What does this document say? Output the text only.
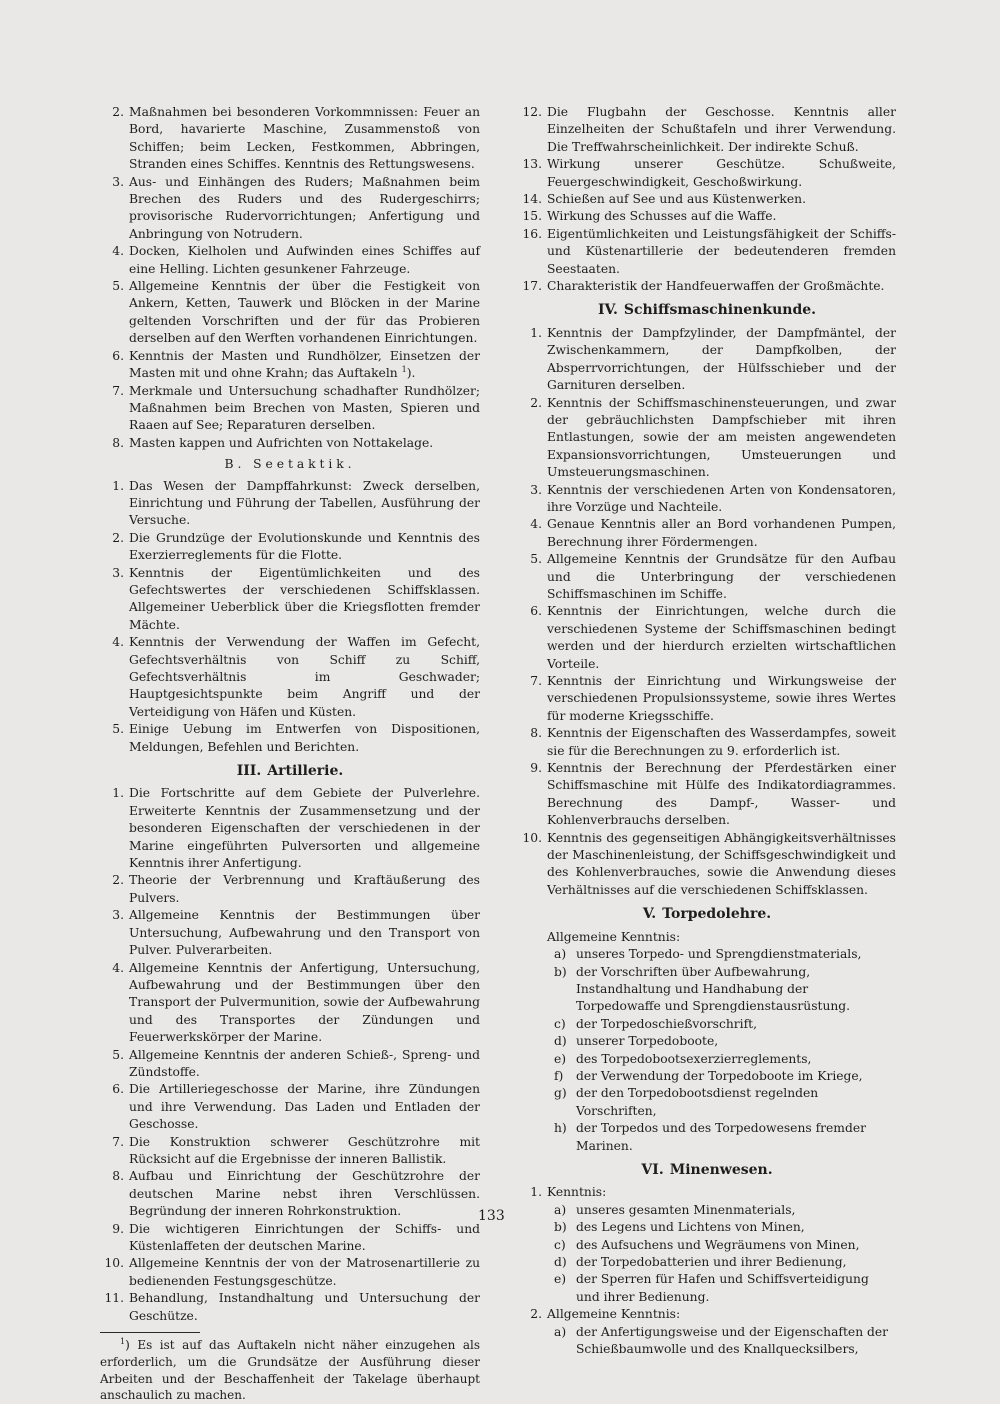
2. Maßnahmen bei besonderen Vorkommnissen: Feuer an Bord, havarierte Maschine, Zusammenstoß von Schiffen; beim Lecken, Festkommen, Abbringen, Stranden eines Schiffes. Kenntnis des Rettungswesens.
3. Aus- und Einhängen des Ruders; Maßnahmen beim Brechen des Ruders und des Rudergeschirrs; provisorische Rudervorrichtungen; Anfertigung und Anbringung von Notrudern.
4. Docken, Kielholen und Aufwinden eines Schiffes auf eine Helling. Lichten gesunkener Fahrzeuge.
5. Allgemeine Kenntnis der über die Festigkeit von Ankern, Ketten, Tauwerk und Blöcken in der Marine geltenden Vorschriften und der für das Probieren derselben auf den Werften vorhandenen Einrichtungen.
6. Kenntnis der Masten und Rundhölzer, Einsetzen der Masten mit und ohne Krahn; das Auftakeln $^1$).
7. Merkmale und Untersuchung schadhafter Rundhölzer; Maßnahmen beim Brechen von Masten, Spieren und Raaen auf See; Reparaturen derselben.
8. Masten kappen und Aufrichten von Nottakelage.
B. Seetaktik.
1. Das Wesen der Dampffahrkunst: Zweck derselben, Einrichtung und Führung der Tabellen, Ausführung der Versuche.
2. Die Grundzüge der Evolutionskunde und Kenntnis des Exerzierreglements für die Flotte.
3. Kenntnis der Eigentümlichkeiten und des Gefechtswertes der verschiedenen Schiffsklassen. Allgemeiner Ueberblick über die Kriegsflotten fremder Mächte.
4. Kenntnis der Verwendung der Waffen im Gefecht, Gefechtsverhältnis von Schiff zu Schiff, Gefechtsverhältnis im Geschwader; Hauptgesichtspunkte beim Angriff und der Verteidigung von Häfen und Küsten.
5. Einige Uebung im Entwerfen von Dispositionen, Meldungen, Befehlen und Berichten.
III. Artillerie.
1. Die Fortschritte auf dem Gebiete der Pulverlehre. Erweiterte Kenntnis der Zusammensetzung und der besonderen Eigenschaften der verschiedenen in der Marine eingeführten Pulversorten und allgemeine Kenntnis ihrer Anfertigung.
2. Theorie der Verbrennung und Kraftäußerung des Pulvers.
3. Allgemeine Kenntnis der Bestimmungen über Untersuchung, Aufbewahrung und den Transport von Pulver. Pulverarbeiten.
4. Allgemeine Kenntnis der Anfertigung, Untersuchung, Aufbewahrung und der Bestimmungen über den Transport der Pulvermunition, sowie der Aufbewahrung und des Transportes der Zündungen und Feuerwerkskörper der Marine.
5. Allgemeine Kenntnis der anderen Schieß-, Spreng- und Zündstoffe.
6. Die Artilleriegeschosse der Marine, ihre Zündungen und ihre Verwendung. Das Laden und Entladen der Geschosse.
7. Die Konstruktion schwerer Geschützrohre mit Rücksicht auf die Ergebnisse der inneren Ballistik.
8. Aufbau und Einrichtung der Geschützrohre der deutschen Marine nebst ihren Verschlüssen. Begründung der inneren Rohrkonstruktion.
9. Die wichtigeren Einrichtungen der Schiffs- und Küstenlaffeten der deutschen Marine.
10. Allgemeine Kenntnis der von der Matrosenartillerie zu bedienenden Festungsgeschütze.
11. Behandlung, Instandhaltung und Untersuchung der Geschütze.
$^1$) Es ist auf das Auftakeln nicht näher einzugehen als erforderlich, um die Grundsätze der Ausführung dieser Arbeiten und der Beschaffenheit der Takelage überhaupt anschaulich zu machen.
12. Die Flugbahn der Geschosse. Kenntnis aller Einzelheiten der Schußtafeln und ihrer Verwendung. Die Treffwahrscheinlichkeit. Der indirekte Schuß.
13. Wirkung unserer Geschütze. Schußweite, Feuergeschwindigkeit, Geschoßwirkung.
14. Schießen auf See und aus Küstenwerken.
15. Wirkung des Schusses auf die Waffe.
16. Eigentümlichkeiten und Leistungsfähigkeit der Schiffs- und Küstenartillerie der bedeutenderen fremden Seestaaten.
17. Charakteristik der Handfeuerwaffen der Großmächte.
IV. Schiffsmaschinenkunde.
1. Kenntnis der Dampfzylinder, der Dampfmäntel, der Zwischenkammern, der Dampfkolben, der Absperrvorrichtungen, der Hülfsschieber und der Garnituren derselben.
2. Kenntnis der Schiffsmaschinensteuerungen, und zwar der gebräuchlichsten Dampfschieber mit ihren Entlastungen, sowie der am meisten angewendeten Expansionsvorrichtungen, Umsteuerungen und Umsteuerungsmaschinen.
3. Kenntnis der verschiedenen Arten von Kondensatoren, ihre Vorzüge und Nachteile.
4. Genaue Kenntnis aller an Bord vorhandenen Pumpen, Berechnung ihrer Fördermengen.
5. Allgemeine Kenntnis der Grundsätze für den Aufbau und die Unterbringung der verschiedenen Schiffsmaschinen im Schiffe.
6. Kenntnis der Einrichtungen, welche durch die verschiedenen Systeme der Schiffsmaschinen bedingt werden und der hierdurch erzielten wirtschaftlichen Vorteile.
7. Kenntnis der Einrichtung und Wirkungsweise der verschiedenen Propulsionssysteme, sowie ihres Wertes für moderne Kriegsschiffe.
8. Kenntnis der Eigenschaften des Wasserdampfes, soweit sie für die Berechnungen zu 9. erforderlich ist.
9. Kenntnis der Berechnung der Pferdestärken einer Schiffsmaschine mit Hülfe des Indikatordiagrammes. Berechnung des Dampf-, Wasser- und Kohlenverbrauchs derselben.
10. Kenntnis des gegenseitigen Abhängigkeitsverhältnisses der Maschinenleistung, der Schiffsgeschwindigkeit und des Kohlenverbrauches, sowie die Anwendung dieses Verhältnisses auf die verschiedenen Schiffsklassen.
V. Torpedolehre.
Allgemeine Kenntnis:
a) unseres Torpedo- und Sprengdienstmaterials,
b) der Vorschriften über Aufbewahrung, Instandhaltung und Handhabung der Torpedowaffe und Sprengdienstausrüstung.
c) der Torpedoschießvorschrift,
d) unserer Torpedoboote,
e) des Torpedobootsexerzierreglements,
f) der Verwendung der Torpedoboote im Kriege,
g) der den Torpedobootsdienst regelnden Vorschriften,
h) der Torpedos und des Torpedowesens fremder Marinen.
VI. Minenwesen.
1. Kenntnis:
a) unseres gesamten Minenmaterials,
b) des Legens und Lichtens von Minen,
c) des Aufsuchens und Wegräumens von Minen,
d) der Torpedobatterien und ihrer Bedienung,
e) der Sperren für Hafen und Schiffsverteidigung und ihrer Bedienung.
2. Allgemeine Kenntnis:
a) der Anfertigungsweise und der Eigenschaften der Schießbaumwolle und des Knallquecksilbers,
133
